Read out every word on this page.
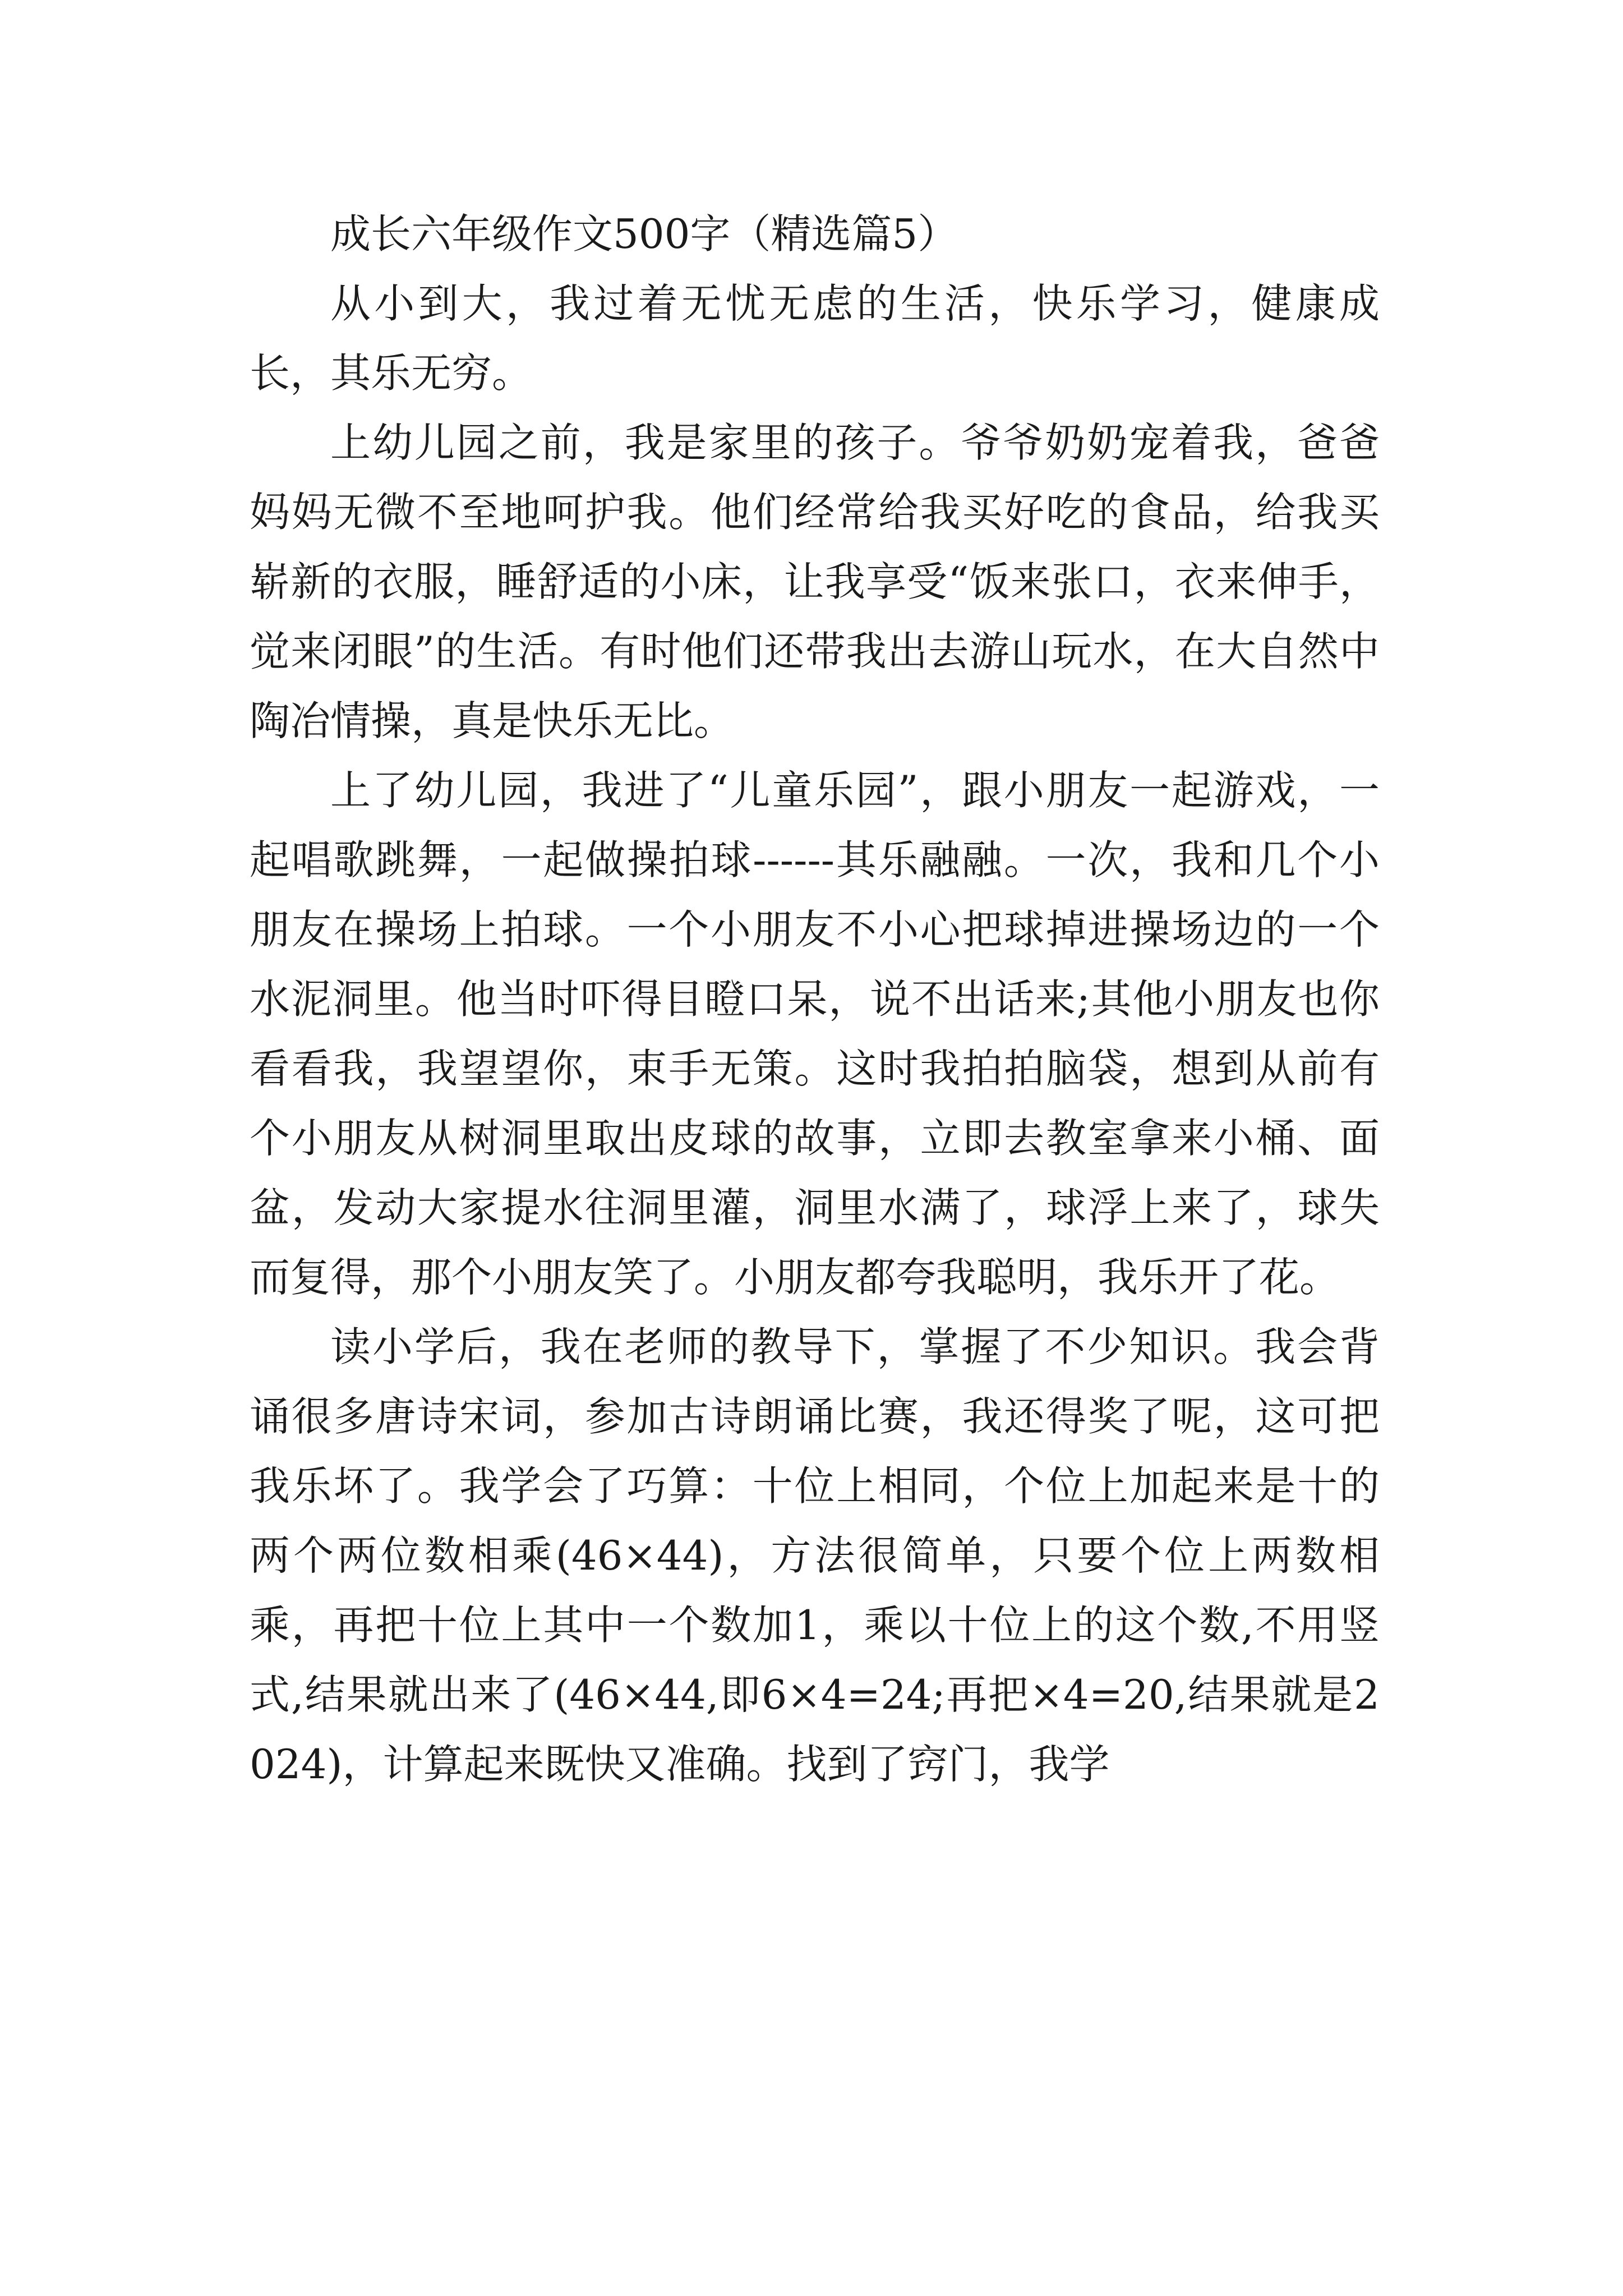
成长六年级作文500字（精选篇5）

从小到大，我过着无忧无虑的生活，快乐学习，健康成长，其乐无穷。

上幼儿园之前，我是家里的孩子。爷爷奶奶宠着我，爸爸妈妈无微不至地呵护我。他们经常给我买好吃的食品，给我买崭新的衣服，睡舒适的小床，让我享受“饭来张口，衣来伸手，觉来闭眼”的生活。有时他们还带我出去游山玩水，在大自然中陶冶情操，真是快乐无比。

上了幼儿园，我进了“儿童乐园”，跟小朋友一起游戏，一起唱歌跳舞，一起做操拍球------其乐融融。一次，我和几个小朋友在操场上拍球。一个小朋友不小心把球掉进操场边的一个水泥洞里。他当时吓得目瞪口呆，说不出话来;其他小朋友也你看看我，我望望你，束手无策。这时我拍拍脑袋，想到从前有个小朋友从树洞里取出皮球的故事，立即去教室拿来小桶、面盆，发动大家提水往洞里灌，洞里水满了，球浮上来了，球失而复得，那个小朋友笑了。小朋友都夸我聪明，我乐开了花。

读小学后，我在老师的教导下，掌握了不少知识。我会背诵很多唐诗宋词，参加古诗朗诵比赛，我还得奖了呢，这可把我乐坏了。我学会了巧算：十位上相同，个位上加起来是十的两个两位数相乘(46×44)，方法很简单，只要个位上两数相乘，再把十位上其中一个数加1，乘以十位上的这个数,不用竖式,结果就出来了(46×44,即6×4=24;再把×4=20,结果就是2024)，计算起来既快又准确。找到了窍门，我学
